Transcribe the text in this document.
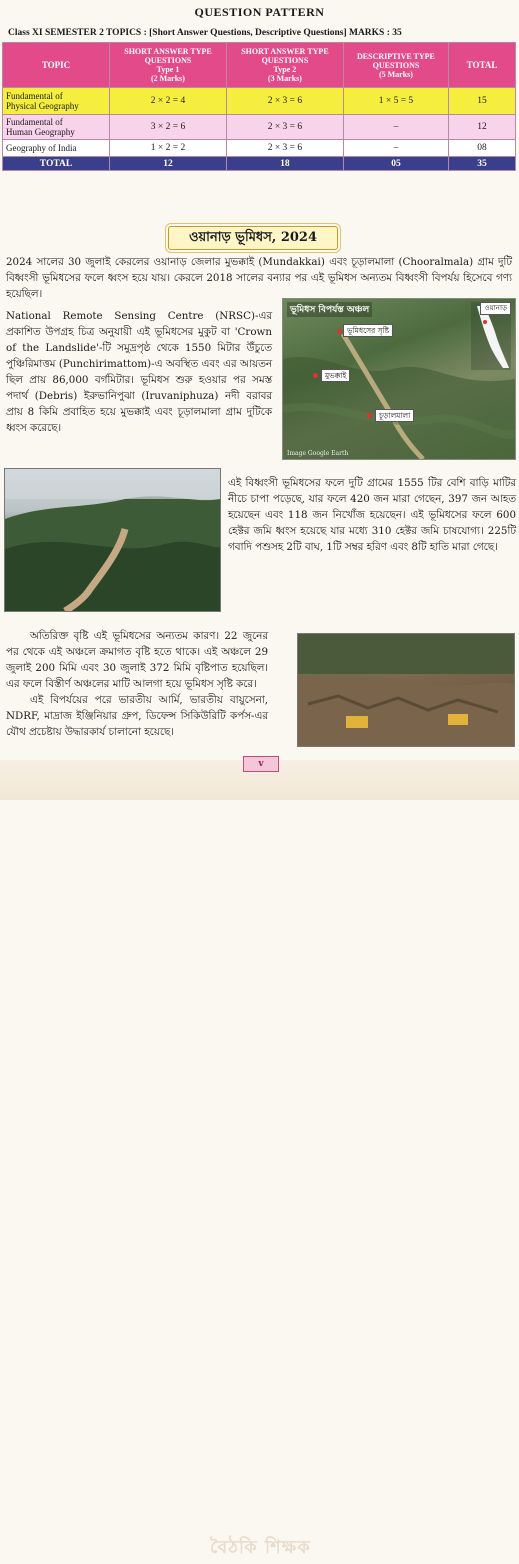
QUESTION PATTERN
Class XI SEMESTER 2 TOPICS : [Short Answer Questions, Descriptive Questions] MARKS : 35
TOPIC	SHORT ANSWER TYPE
QUESTIONS
Type 1
(2 Marks)	SHORT ANSWER TYPE
QUESTIONS
Type 2
(3 Marks)	DESCRIPTIVE TYPE
QUESTIONS
(5 Marks)	TOTAL
Fundamental of
Physical Geography	2 × 2 = 4	2 × 3 = 6	1 × 5 = 5	15
Fundamental of
Human Geography	3 × 2 = 6	2 × 3 = 6	–	12
Geography of India	1 × 2 = 2	2 × 3 = 6	–	08
TOTAL	12	18	05	35
ওয়ানাড় ভূমিধস, 2024

2024 সালের 30 জুলাই কেরলের ওয়ানাড় জেলার মুভক্কাই (Mundakkai) এবং চূড়ালমালা (Chooralmala) গ্রাম দুটি বিধ্বংসী ভূমিধসের ফলে ধ্বংস হয়ে যায়। কেরলে 2018 সালের বন্যার পর এই ভূমিধস অন্যতম বিধ্বংসী বিপর্যয় হিসেবে গণ্য হয়েছিল।

National Remote Sensing Centre (NRSC)-এর প্রকাশিত উপগ্রহ চিত্র অনুযায়ী এই ভূমিধসের মুকুট বা 'Crown of the Landslide'-টি সমুদ্রপৃষ্ঠ থেকে 1550 মিটার উঁচুতে পুঞ্চিরিমাত্তম (Punchirimattom)-এ অবস্থিত এবং এর আয়তন ছিল প্রায় 86,000 বর্গমিটার। ভূমিধস শুরু হওয়ার পর সমস্ত পদার্থ (Debris) ইরুভানিপুঝা (Iruvaniphuza) নদী বরাবর প্রায় 8 কিমি প্রবাহিত হয়ে মুভক্কাই এবং চূড়ালমালা গ্রাম দুটিকে ধ্বংস করেছে।

ভূমিধস বিপর্যস্ত অঞ্চল	ওয়ানাড়
ভূমিধসের সৃষ্টি
মুভক্কাই
চূড়ালমালা
Image Google Earth

এই বিধ্বংসী ভূমিধসের ফলে দুটি গ্রামের 1555 টির বেশি বাড়ি মাটির নীচে চাপা পড়েছে, যার ফলে 420 জন মারা গেছেন, 397 জন আহত হয়েছেন এবং 118 জন নিখোঁজ হয়েছেন। এই ভূমিধসের ফলে 600 হেক্টর জমি ধ্বংস হয়েছে যার মধ্যে 310 হেক্টর জমি চাষযোগ্য। 225টি গবাদি পশুসহ 2টি বাঘ, 1টি সম্বর হরিণ এবং 8টি হাতি মারা গেছে।

অতিরিক্ত বৃষ্টি এই ভূমিধসের অন্যতম কারণ। 22 জুনের পর থেকে এই অঞ্চলে ক্রমাগত বৃষ্টি হতে থাকে। এই অঞ্চলে 29 জুলাই 200 মিমি এবং 30 জুলাই 372 মিমি বৃষ্টিপাত হয়েছিল। এর ফলে বিস্তীর্ণ অঞ্চলের মাটি আলগা হয়ে ভূমিধস সৃষ্টি করে।

এই বিপর্যয়ের পরে ভারতীয় আর্মি, ভারতীয় বায়ুসেনা, NDRF, মাদ্রাজ ইঞ্জিনিয়ার গ্রুপ, ডিফেন্স সিকিউরিটি কর্পস-এর যৌথ প্রচেষ্টায় উদ্ধারকার্য চালানো হয়েছে।

বৈঠকি শিক্ষক
v
